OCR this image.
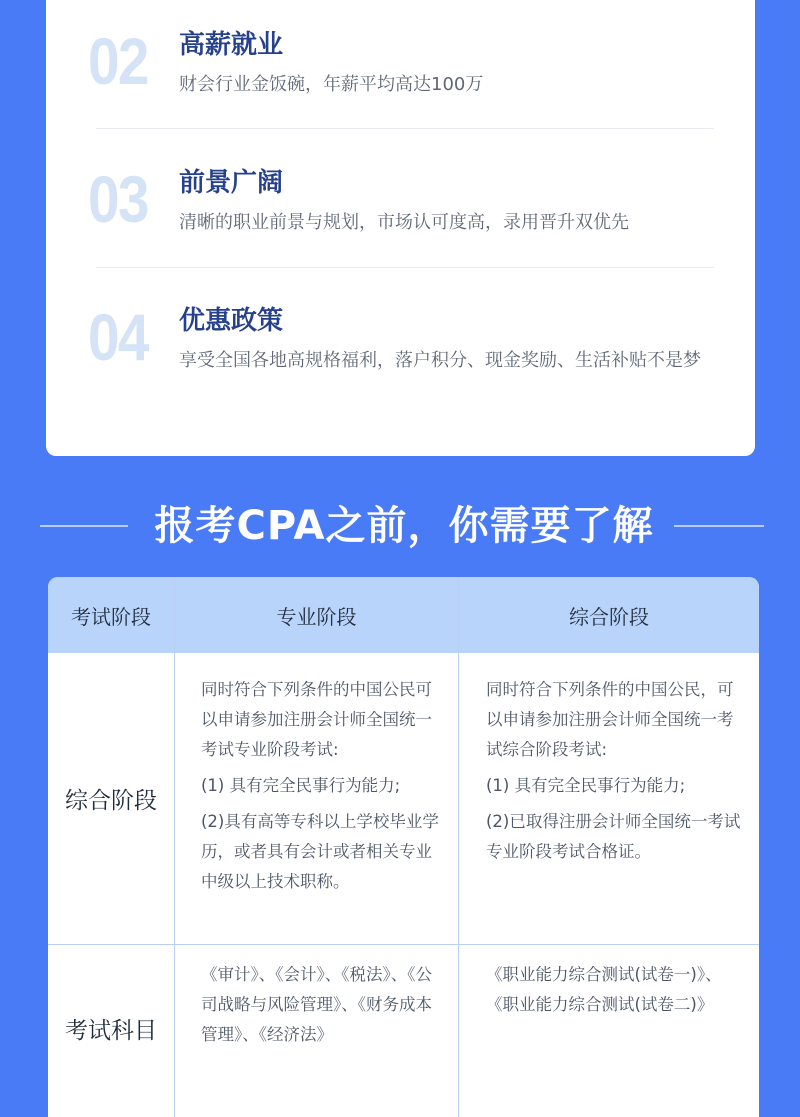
02 高薪就业
财会行业金饭碗，年薪平均高达100万
03 前景广阔
清晰的职业前景与规划，市场认可度高，录用晋升双优先
04 优惠政策
享受全国各地高规格福利，落户积分、现金奖励、生活补贴不是梦
报考CPA之前，你需要了解
考试阶段	专业阶段	综合阶段
综合阶段

同时符合下列条件的中国公民可以申请参加注册会计师全国统一考试专业阶段考试:

(1) 具有完全民事行为能力;

(2)具有高等专科以上学校毕业学历，或者具有会计或者相关专业中级以上技术职称。

同时符合下列条件的中国公民，可以申请参加注册会计师全国统一考试综合阶段考试:

(1) 具有完全民事行为能力;

(2)已取得注册会计师全国统一考试专业阶段考试合格证。

考试科目

《审计》、《会计》、《税法》、《公司战略与风险管理》、《财务成本管理》、《经济法》

《职业能力综合测试(试卷一)》、《职业能力综合测试(试卷二)》
